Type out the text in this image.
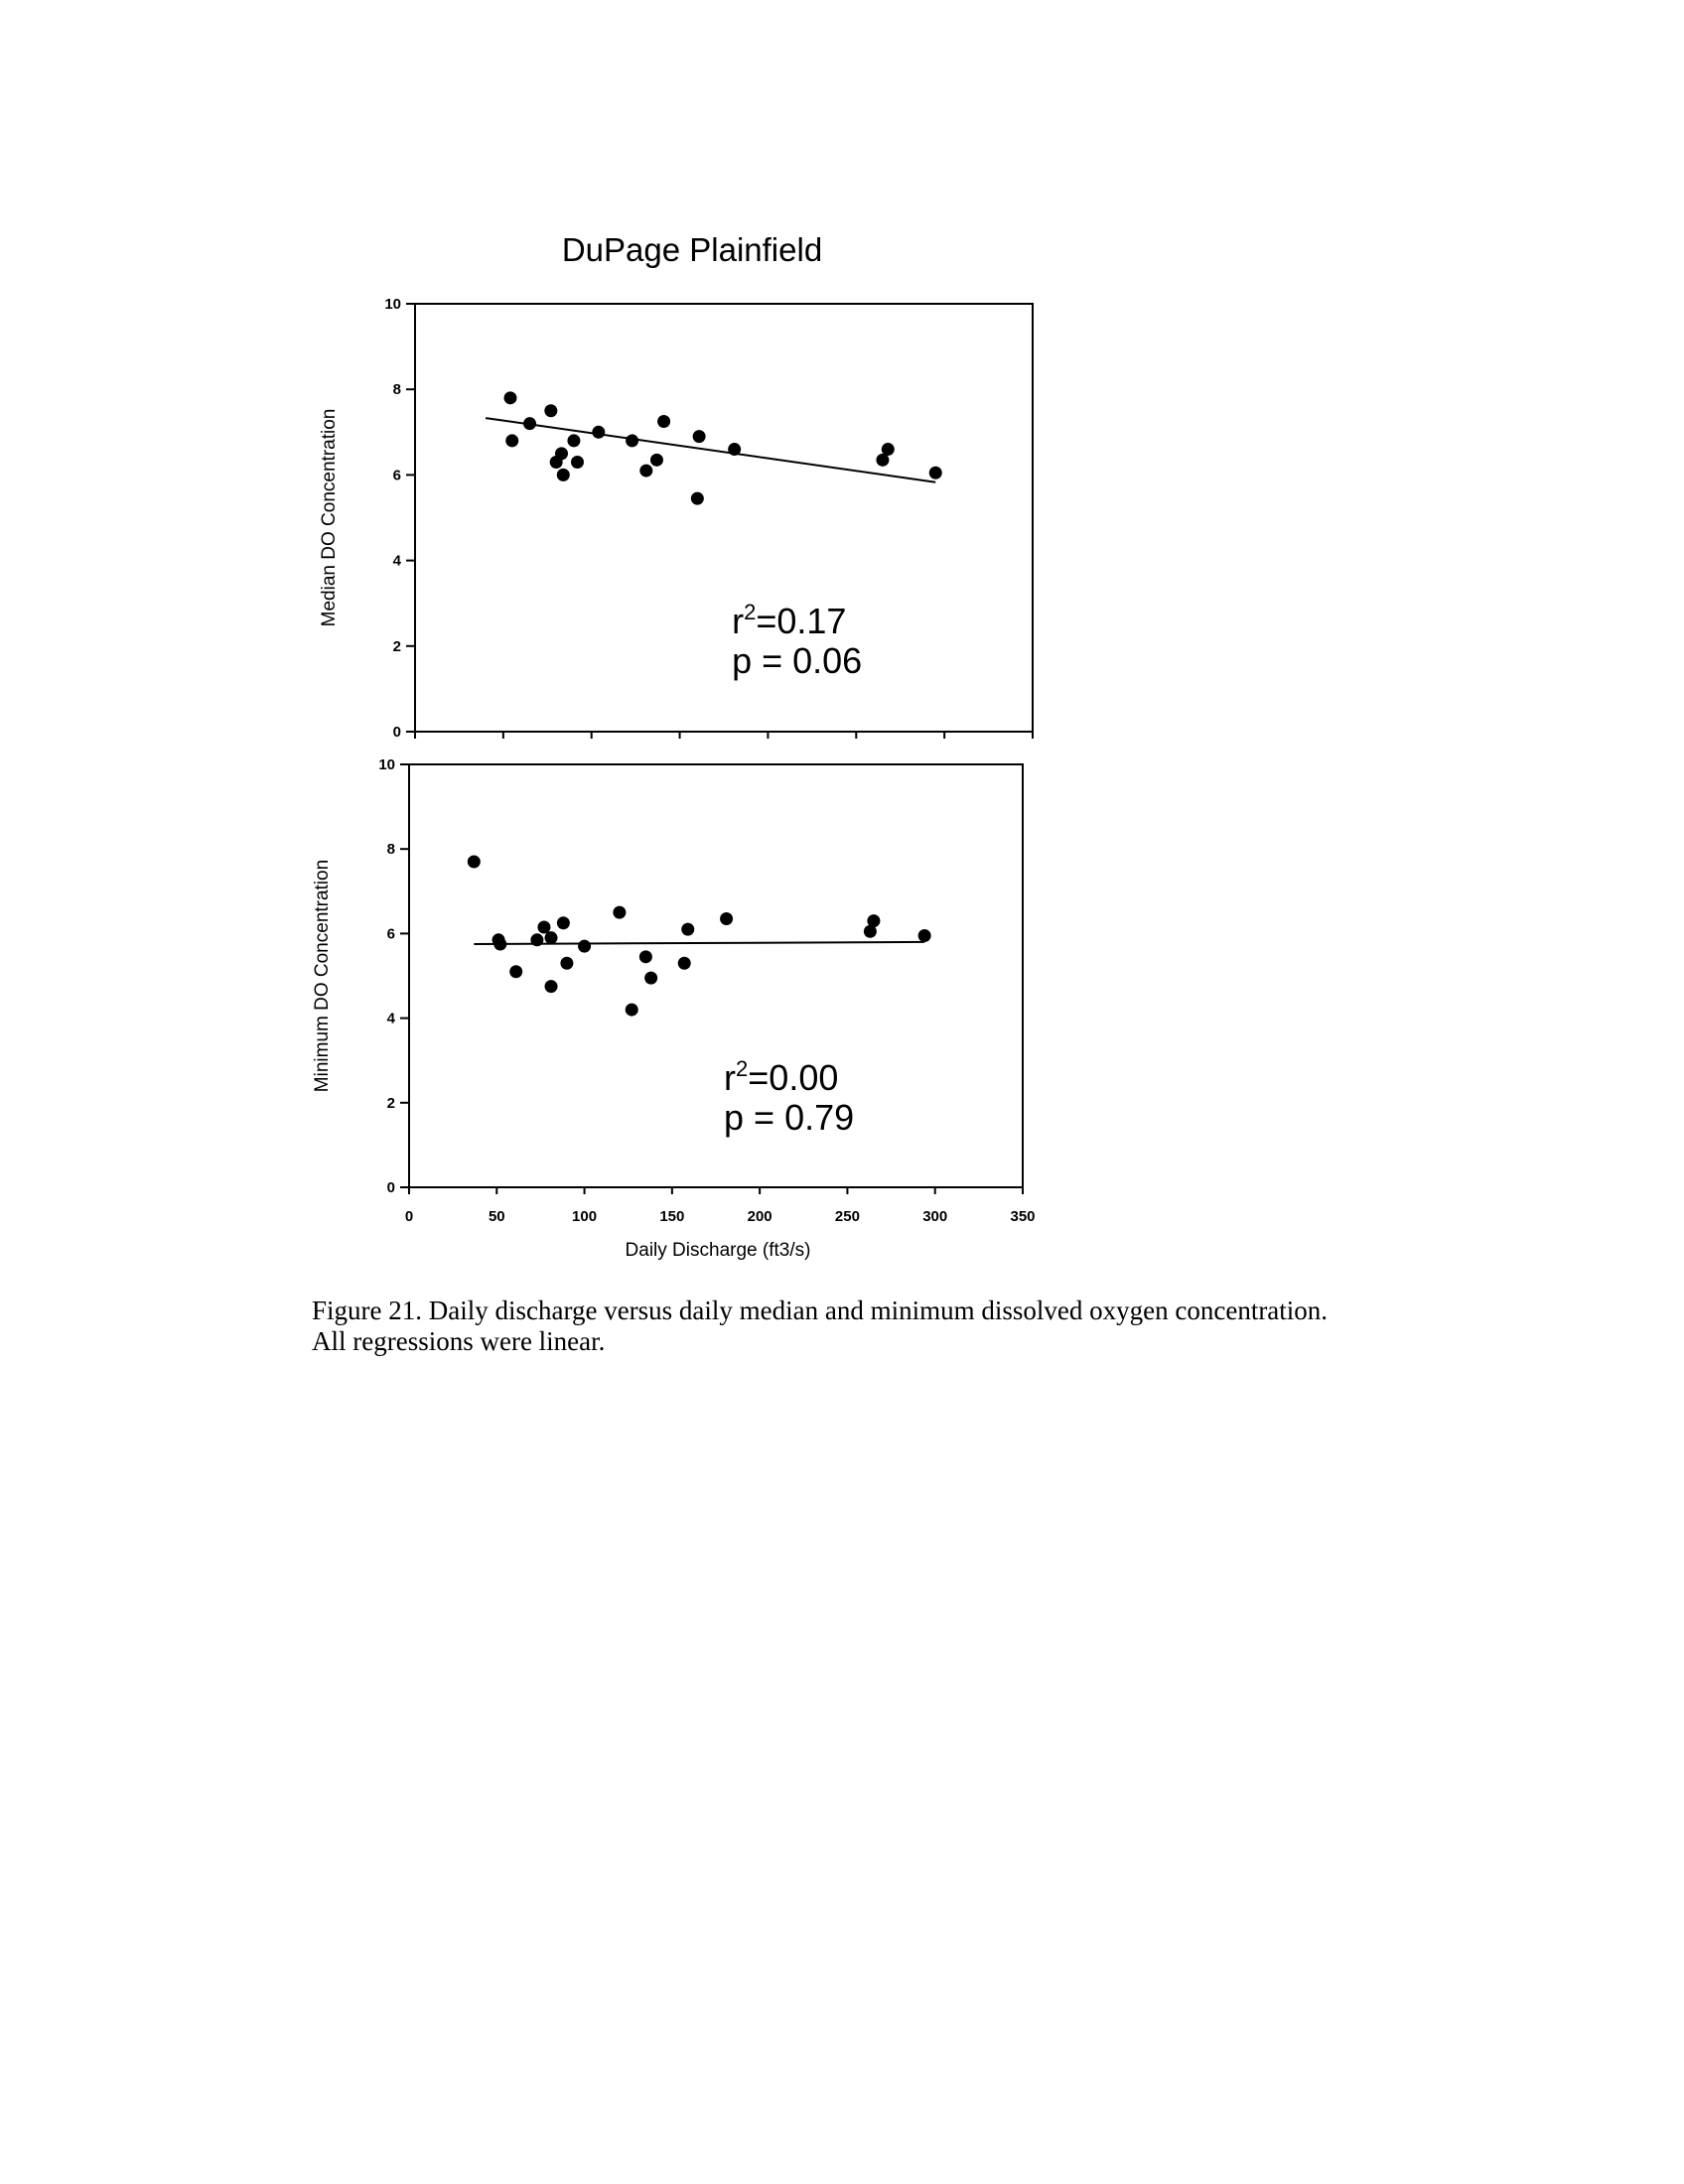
DuPage Plainfield
0
2
4
6
8
10
Median DO Concentration	$r^2=0.17$
p = 0.06
0
2
4
6
8
10
0	50	100	150	200	250	300	350
Minimum DO Concentration	$r^2=0.00$
p = 0.79
Daily Discharge (ft3/s)
Figure 21. Daily discharge versus daily median and minimum dissolved oxygen concentration. All regressions were linear.
